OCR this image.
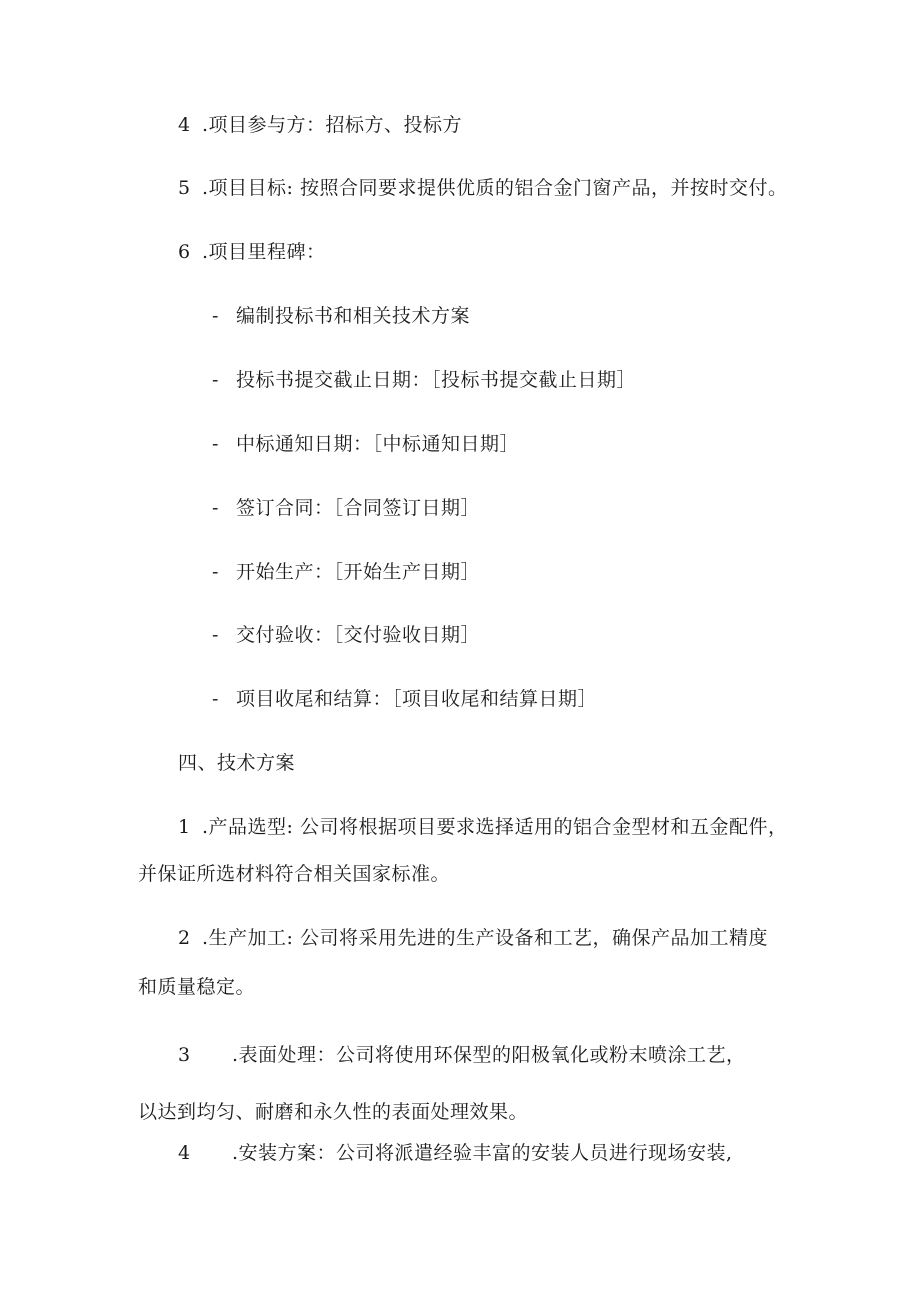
4 .项目参与方：招标方、投标方
5 .项目目标: 按照合同要求提供优质的铝合金门窗产品，并按时交付。
6 .项目里程碑：
- 编制投标书和相关技术方案
- 投标书提交截止日期：［投标书提交截止日期］
- 中标通知日期：［中标通知日期］
- 签订合同：［合同签订日期］
- 开始生产：［开始生产日期］
- 交付验收：［交付验收日期］
- 项目收尾和结算：［项目收尾和结算日期］
四、技术方案
1 .产品选型: 公司将根据项目要求选择适用的铝合金型材和五金配件，
并保证所选材料符合相关国家标准。
2 .生产加工: 公司将采用先进的生产设备和工艺，确保产品加工精度
和质量稳定。
3 .表面处理：公司将使用环保型的阳极氧化或粉末喷涂工艺，
以达到均匀、耐磨和永久性的表面处理效果。
4 .安装方案：公司将派遣经验丰富的安装人员进行现场安装,
